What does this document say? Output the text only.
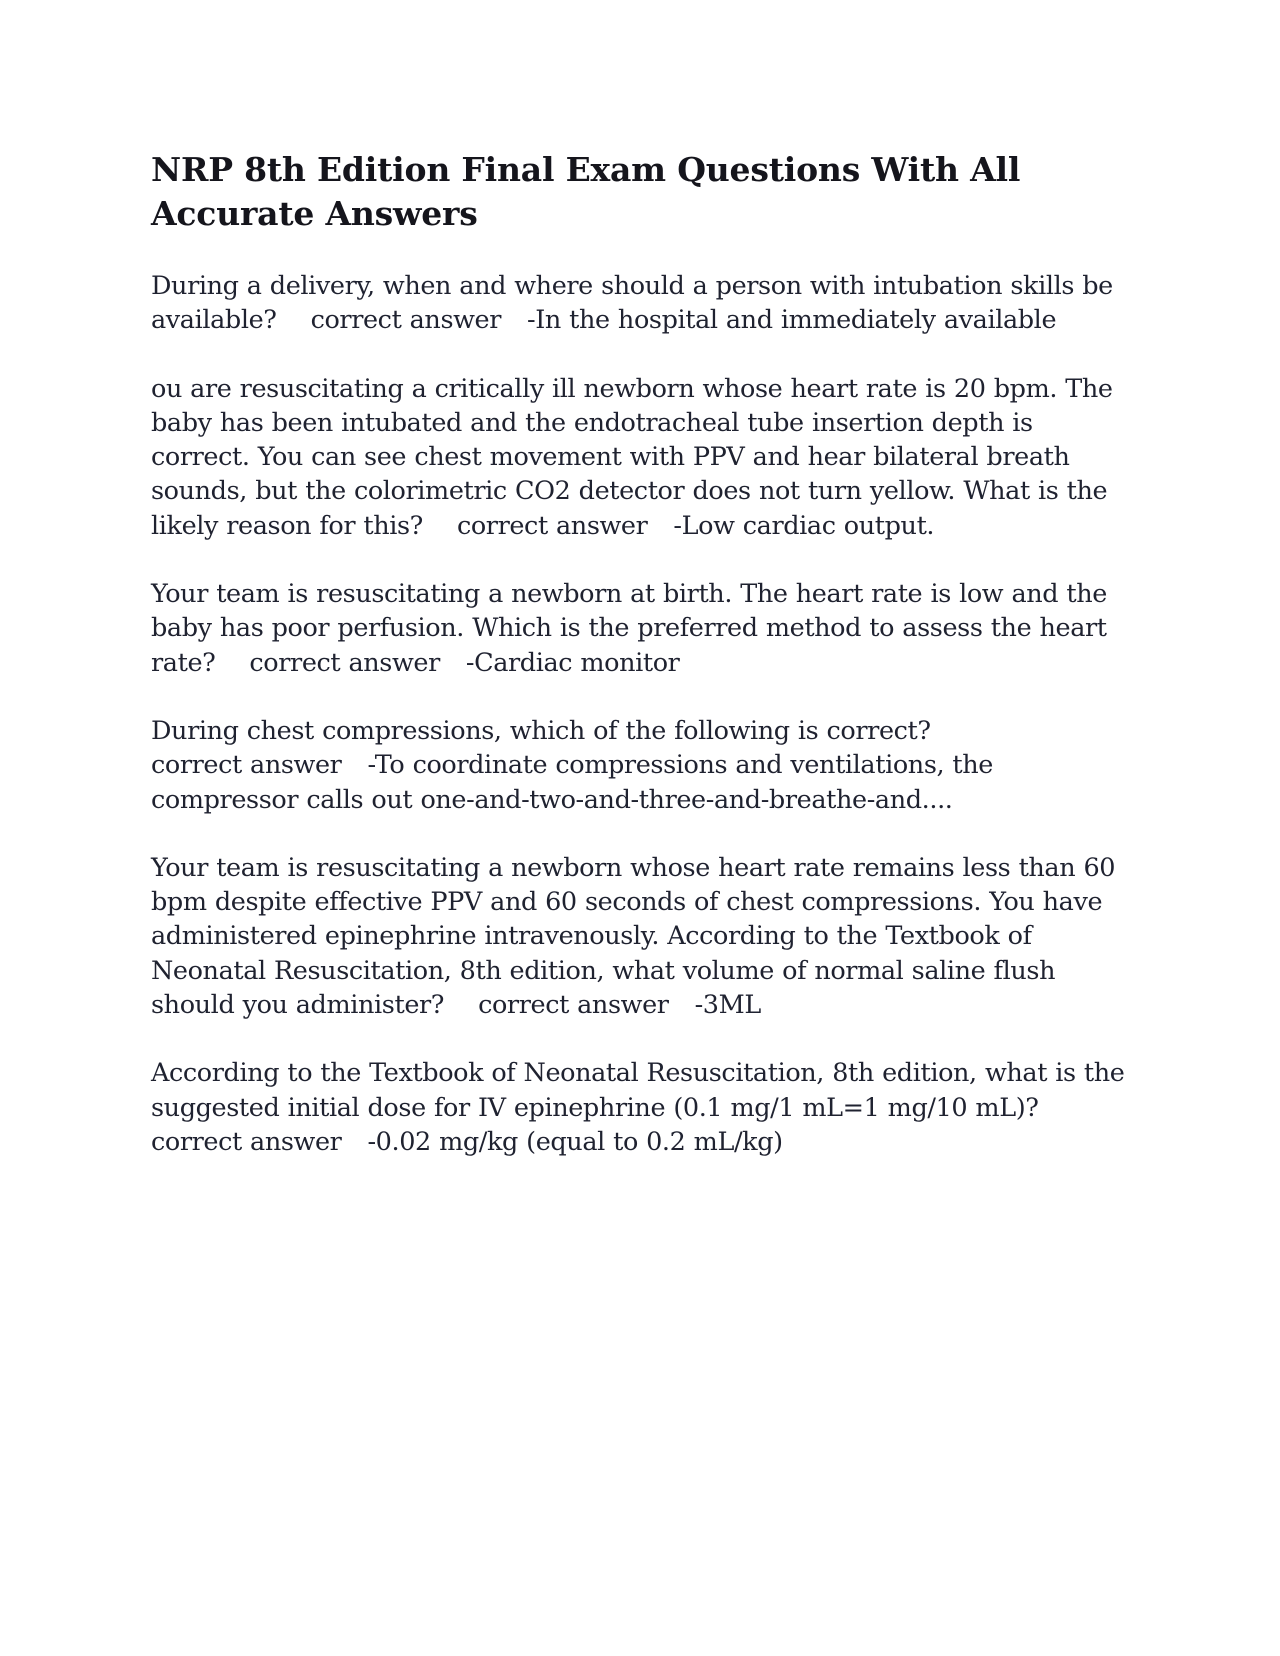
NRP 8th Edition Final Exam Questions With All Accurate Answers

During a delivery, when and where should a person with intubation skills be available? correct answer -In the hospital and immediately available

ou are resuscitating a critically ill newborn whose heart rate is 20 bpm. The baby has been intubated and the endotracheal tube insertion depth is correct. You can see chest movement with PPV and hear bilateral breath sounds, but the colorimetric CO2 detector does not turn yellow. What is the likely reason for this? correct answer -Low cardiac output.

Your team is resuscitating a newborn at birth. The heart rate is low and the baby has poor perfusion. Which is the preferred method to assess the heart rate? correct answer -Cardiac monitor

During chest compressions, which of the following is correct?correct answer -To coordinate compressions and ventilations, the compressor calls out one-and-two-and-three-and-breathe-and....

Your team is resuscitating a newborn whose heart rate remains less than 60 bpm despite effective PPV and 60 seconds of chest compressions. You have administered epinephrine intravenously. According to the Textbook of Neonatal Resuscitation, 8th edition, what volume of normal saline flush should you administer? correct answer -3ML

According to the Textbook of Neonatal Resuscitation, 8th edition, what is the suggested initial dose for IV epinephrine (0.1 mg/1 mL=1 mg/10 mL)?correct answer -0.02 mg/kg (equal to 0.2 mL/kg)
